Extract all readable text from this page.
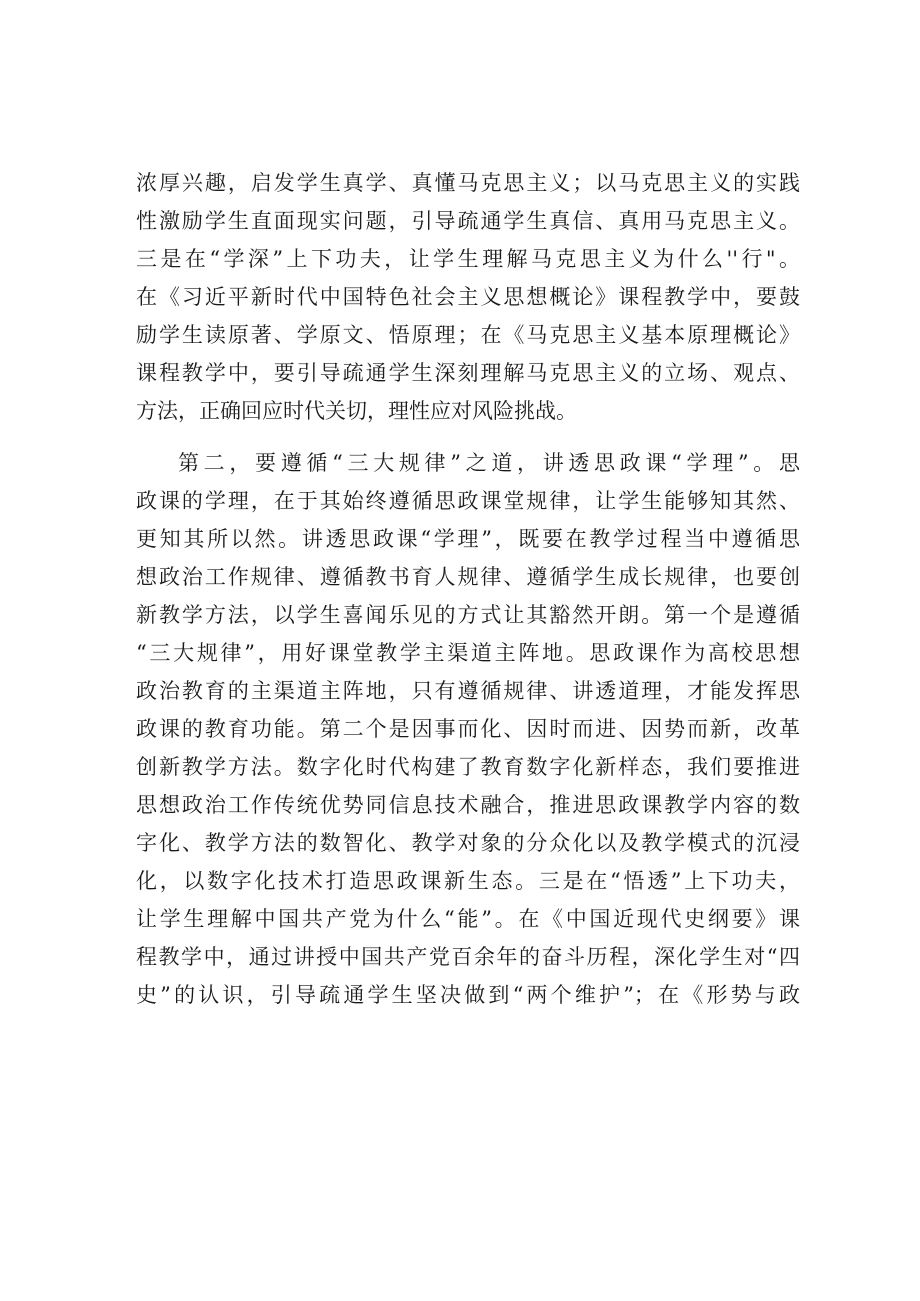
浓厚兴趣，启发学生真学、真懂马克思主义；以马克思主义的实践
性激励学生直面现实问题，引导疏通学生真信、真用马克思主义。
三是在“学深”上下功夫，让学生理解马克思主义为什么''行"。
在《习近平新时代中国特色社会主义思想概论》课程教学中，要鼓
励学生读原著、学原文、悟原理；在《马克思主义基本原理概论》
课程教学中，要引导疏通学生深刻理解马克思主义的立场、观点、
方法，正确回应时代关切，理性应对风险挑战。
第二，要遵循“三大规律”之道，讲透思政课“学理”。思
政课的学理，在于其始终遵循思政课堂规律，让学生能够知其然、
更知其所以然。讲透思政课“学理”，既要在教学过程当中遵循思
想政治工作规律、遵循教书育人规律、遵循学生成长规律，也要创
新教学方法，以学生喜闻乐见的方式让其豁然开朗。第一个是遵循
“三大规律”，用好课堂教学主渠道主阵地。思政课作为高校思想
政治教育的主渠道主阵地，只有遵循规律、讲透道理，才能发挥思
政课的教育功能。第二个是因事而化、因时而进、因势而新，改革
创新教学方法。数字化时代构建了教育数字化新样态，我们要推进
思想政治工作传统优势同信息技术融合，推进思政课教学内容的数
字化、教学方法的数智化、教学对象的分众化以及教学模式的沉浸
化，以数字化技术打造思政课新生态。三是在“悟透”上下功夫，
让学生理解中国共产党为什么“能”。在《中国近现代史纲要》课
程教学中，通过讲授中国共产党百余年的奋斗历程，深化学生对“四
史”的认识，引导疏通学生坚决做到“两个维护”；在《形势与政
